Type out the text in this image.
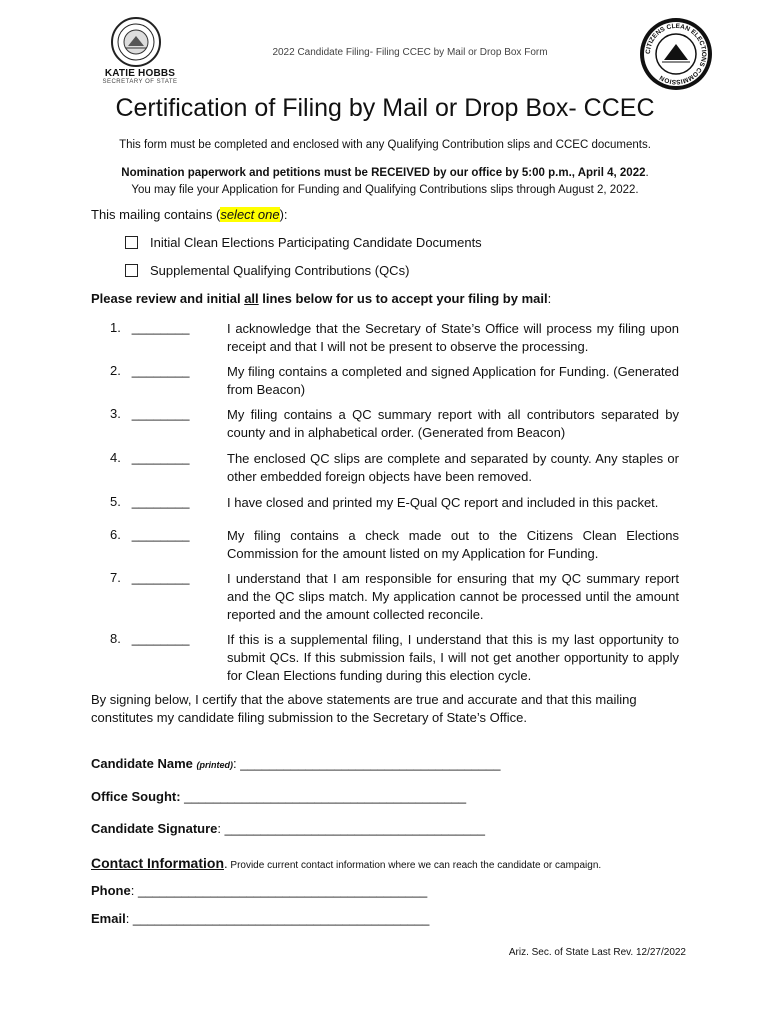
KATIE HOBBS
SECRETARY OF STATE
2022 Candidate Filing- Filing CCEC by Mail or Drop Box Form	CITIZENS CLEAN ELECTIONS COMMISSION
Certification of Filing by Mail or Drop Box- CCEC
This form must be completed and enclosed with any Qualifying Contribution slips and CCEC documents.
Nomination paperwork and petitions must be RECEIVED by our office by 5:00 p.m., April 4, 2022.
You may file your Application for Funding and Qualifying Contributions slips through August 2, 2022.
This mailing contains (select one):
Initial Clean Elections Participating Candidate Documents
Supplemental Qualifying Contributions (QCs)
Please review and initial all lines below for us to accept your filing by mail:
1. ________	I acknowledge that the Secretary of State’s Office will process my filing upon receipt and that I will not be present to observe the processing.
2. ________	My filing contains a completed and signed Application for Funding. (Generated from Beacon)
3. ________	My filing contains a QC summary report with all contributors separated by county and in alphabetical order. (Generated from Beacon)
4. ________	The enclosed QC slips are complete and separated by county. Any staples or other embedded foreign objects have been removed.
5. ________	I have closed and printed my E-Qual QC report and included in this packet.
6. ________	My filing contains a check made out to the Citizens Clean Elections Commission for the amount listed on my Application for Funding.
7. ________	I understand that I am responsible for ensuring that my QC summary report and the QC slips match. My application cannot be processed until the amount reported and the amount collected reconcile.
8. ________	If this is a supplemental filing, I understand that this is my last opportunity to submit QCs. If this submission fails, I will not get another opportunity to apply for Clean Elections funding during this election cycle.
By signing below, I certify that the above statements are true and accurate and that this mailing constitutes my candidate filing submission to the Secretary of State’s Office.
Candidate Name (printed): ____________________________________
Office Sought: _______________________________________
Candidate Signature: ____________________________________
Contact Information. Provide current contact information where we can reach the candidate or campaign.
Phone: ________________________________________
Email: _________________________________________
Ariz. Sec. of State Last Rev. 12/27/2022
